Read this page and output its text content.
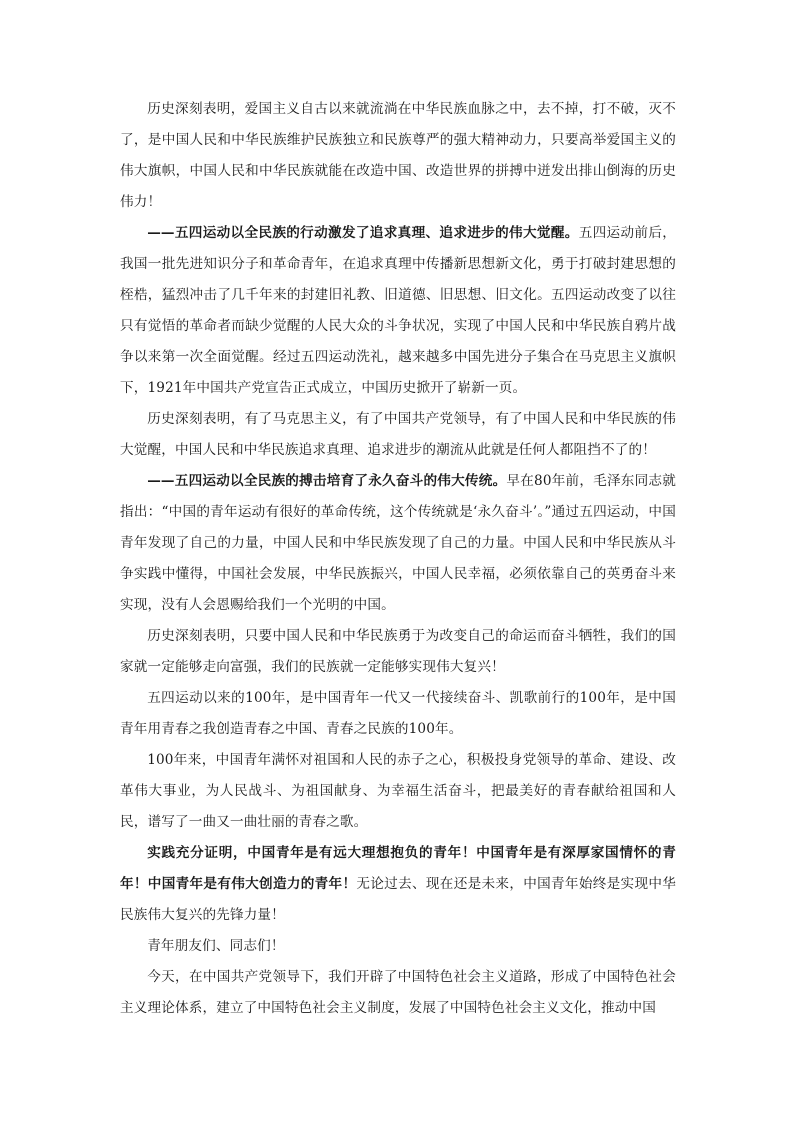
历史深刻表明，爱国主义自古以来就流淌在中华民族血脉之中，去不掉，打不破，灭不了，是中国人民和中华民族维护民族独立和民族尊严的强大精神动力，只要高举爱国主义的伟大旗帜，中国人民和中华民族就能在改造中国、改造世界的拼搏中迸发出排山倒海的历史伟力！

——五四运动以全民族的行动激发了追求真理、追求进步的伟大觉醒。五四运动前后，我国一批先进知识分子和革命青年，在追求真理中传播新思想新文化，勇于打破封建思想的桎梏，猛烈冲击了几千年来的封建旧礼教、旧道德、旧思想、旧文化。五四运动改变了以往只有觉悟的革命者而缺少觉醒的人民大众的斗争状况，实现了中国人民和中华民族自鸦片战争以来第一次全面觉醒。经过五四运动洗礼，越来越多中国先进分子集合在马克思主义旗帜下，1921年中国共产党宣告正式成立，中国历史掀开了崭新一页。

历史深刻表明，有了马克思主义，有了中国共产党领导，有了中国人民和中华民族的伟大觉醒，中国人民和中华民族追求真理、追求进步的潮流从此就是任何人都阻挡不了的！

——五四运动以全民族的搏击培育了永久奋斗的伟大传统。早在80年前，毛泽东同志就指出：“中国的青年运动有很好的革命传统，这个传统就是‘永久奋斗’。”通过五四运动，中国青年发现了自己的力量，中国人民和中华民族发现了自己的力量。中国人民和中华民族从斗争实践中懂得，中国社会发展，中华民族振兴，中国人民幸福，必须依靠自己的英勇奋斗来实现，没有人会恩赐给我们一个光明的中国。

历史深刻表明，只要中国人民和中华民族勇于为改变自己的命运而奋斗牺牲，我们的国家就一定能够走向富强，我们的民族就一定能够实现伟大复兴！

五四运动以来的100年，是中国青年一代又一代接续奋斗、凯歌前行的100年，是中国青年用青春之我创造青春之中国、青春之民族的100年。

100年来，中国青年满怀对祖国和人民的赤子之心，积极投身党领导的革命、建设、改革伟大事业，为人民战斗、为祖国献身、为幸福生活奋斗，把最美好的青春献给祖国和人民，谱写了一曲又一曲壮丽的青春之歌。

实践充分证明，中国青年是有远大理想抱负的青年！中国青年是有深厚家国情怀的青年！中国青年是有伟大创造力的青年！无论过去、现在还是未来，中国青年始终是实现中华民族伟大复兴的先锋力量！

青年朋友们、同志们！

今天，在中国共产党领导下，我们开辟了中国特色社会主义道路，形成了中国特色社会主义理论体系，建立了中国特色社会主义制度，发展了中国特色社会主义文化，推动中国
